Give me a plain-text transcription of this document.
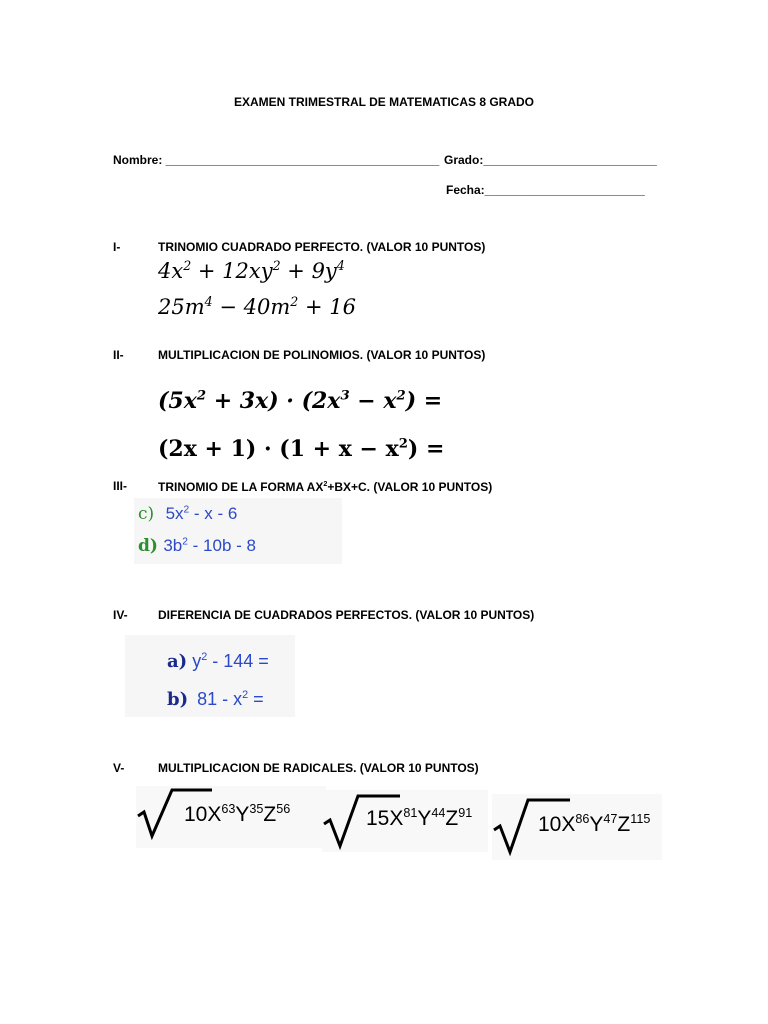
EXAMEN TRIMESTRAL DE MATEMATICAS 8 GRADO
Nombre: _________________________________________ Grado:__________________________
Fecha:________________________
I-	TRINOMIO CUADRADO PERFECTO. (VALOR 10 PUNTOS)
$4x^2 + 12xy^2 + 9y^4$
$25m^4 - 40m^2 + 16$
II-	MULTIPLICACION DE POLINOMIOS. (VALOR 10 PUNTOS)
$(5x^2 + 3x) \cdot (2x^3 - x^2)$ =
$(2x + 1) \cdot (1 + x - x^2)$ =
III-	TRINOMIO DE LA FORMA $AX^2+BX+C$. (VALOR 10 PUNTOS)
c) $5x^2$ - x - 6
d) $3b^2 - 10b - 8$
IV-	DIFERENCIA DE CUADRADOS PERFECTOS. (VALOR 10 PUNTOS)
a) $y^2 - 144$ =
b) $81 - x^2$ =
V-	MULTIPLICACION DE RADICALES. (VALOR 10 PUNTOS)
$10X^{63}Y^{35}Z^{56}$	$15X^{81}Y^{44}Z^{91}$	$10X^{86}Y^{47}Z^{115}$
